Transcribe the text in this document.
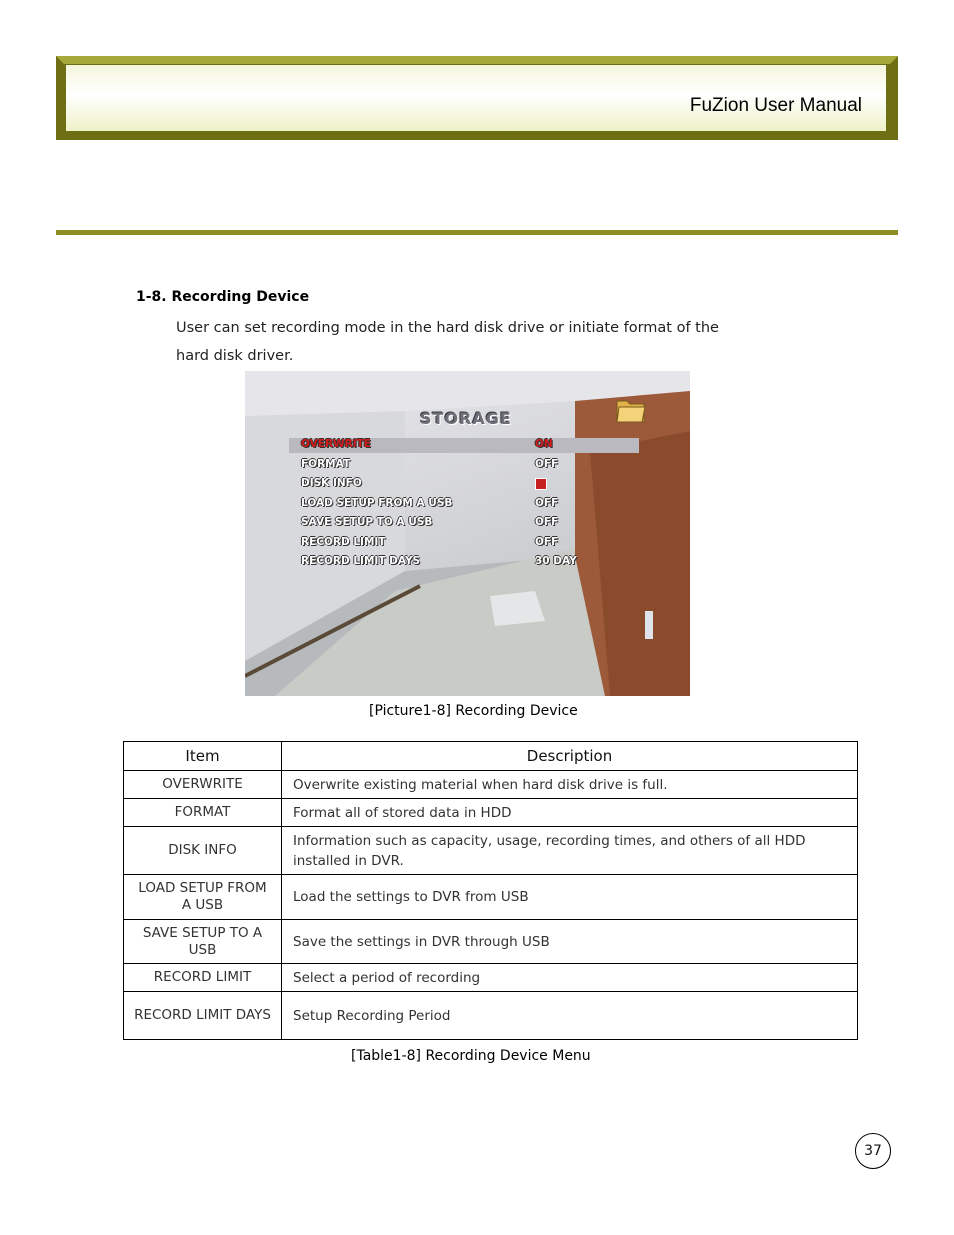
FuZion User Manual
1-8. Recording Device
User can set recording mode in the hard disk drive or initiate format of the
hard disk driver.
STORAGE
OVERWRITE	ON
FORMAT	OFF
DISK INFO
LOAD SETUP FROM A USB	OFF
SAVE SETUP TO A USB	OFF
RECORD LIMIT	OFF
RECORD LIMIT DAYS	30 DAY
[Picture1-8] Recording Device
Item	Description
OVERWRITE	Overwrite existing material when hard disk drive is full.
FORMAT	Format all of stored data in HDD
DISK INFO	Information such as capacity, usage, recording times, and others of all HDD installed in DVR.
LOAD SETUP FROM A USB	Load the settings to DVR from USB
SAVE SETUP TO A USB	Save the settings in DVR through USB
RECORD LIMIT	Select a period of recording
RECORD LIMIT DAYS	Setup Recording Period
[Table1-8] Recording Device Menu
37
